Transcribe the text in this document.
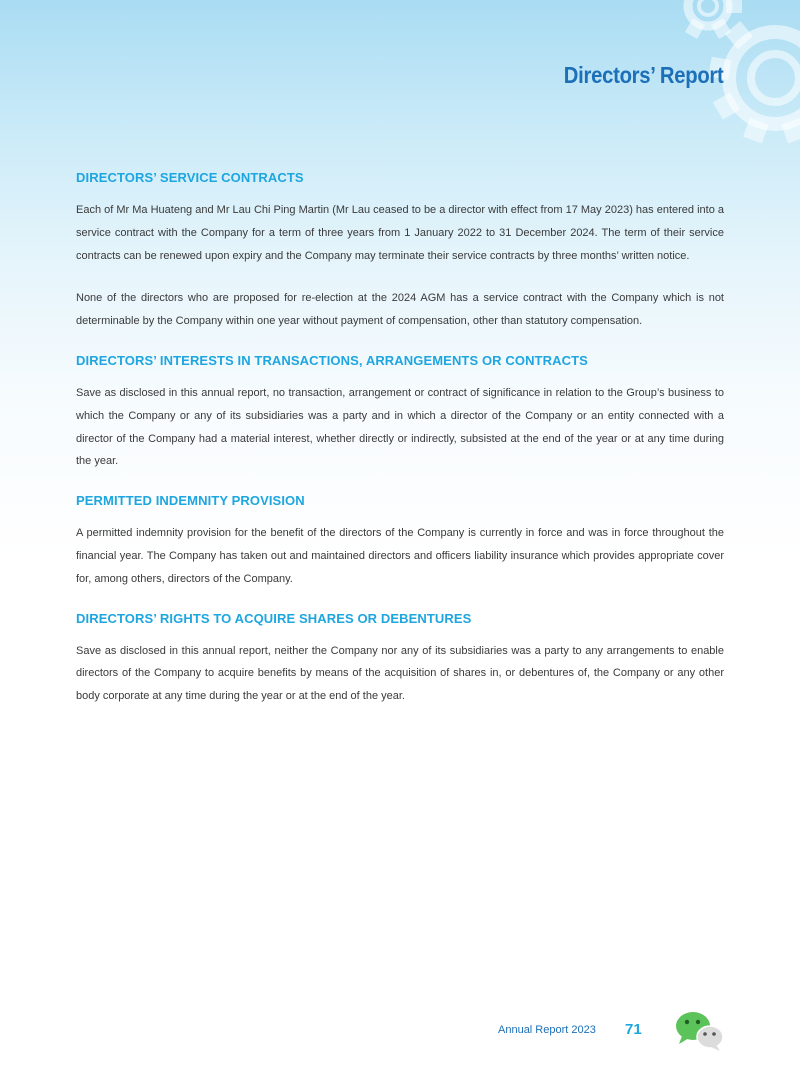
Directors’ Report
DIRECTORS’ SERVICE CONTRACTS

Each of Mr Ma Huateng and Mr Lau Chi Ping Martin (Mr Lau ceased to be a director with effect from 17 May 2023) has entered into a service contract with the Company for a term of three years from 1 January 2022 to 31 December 2024. The term of their service contracts can be renewed upon expiry and the Company may terminate their service contracts by three months’ written notice.

None of the directors who are proposed for re-election at the 2024 AGM has a service contract with the Company which is not determinable by the Company within one year without payment of compensation, other than statutory compensation.

DIRECTORS’ INTERESTS IN TRANSACTIONS, ARRANGEMENTS OR CONTRACTS

Save as disclosed in this annual report, no transaction, arrangement or contract of significance in relation to the Group’s business to which the Company or any of its subsidiaries was a party and in which a director of the Company or an entity connected with a director of the Company had a material interest, whether directly or indirectly, subsisted at the end of the year or at any time during the year.

PERMITTED INDEMNITY PROVISION

A permitted indemnity provision for the benefit of the directors of the Company is currently in force and was in force throughout the financial year. The Company has taken out and maintained directors and officers liability insurance which provides appropriate cover for, among others, directors of the Company.

DIRECTORS’ RIGHTS TO ACQUIRE SHARES OR DEBENTURES

Save as disclosed in this annual report, neither the Company nor any of its subsidiaries was a party to any arrangements to enable directors of the Company to acquire benefits by means of the acquisition of shares in, or debentures of, the Company or any other body corporate at any time during the year or at the end of the year.

Annual Report 2023 71
